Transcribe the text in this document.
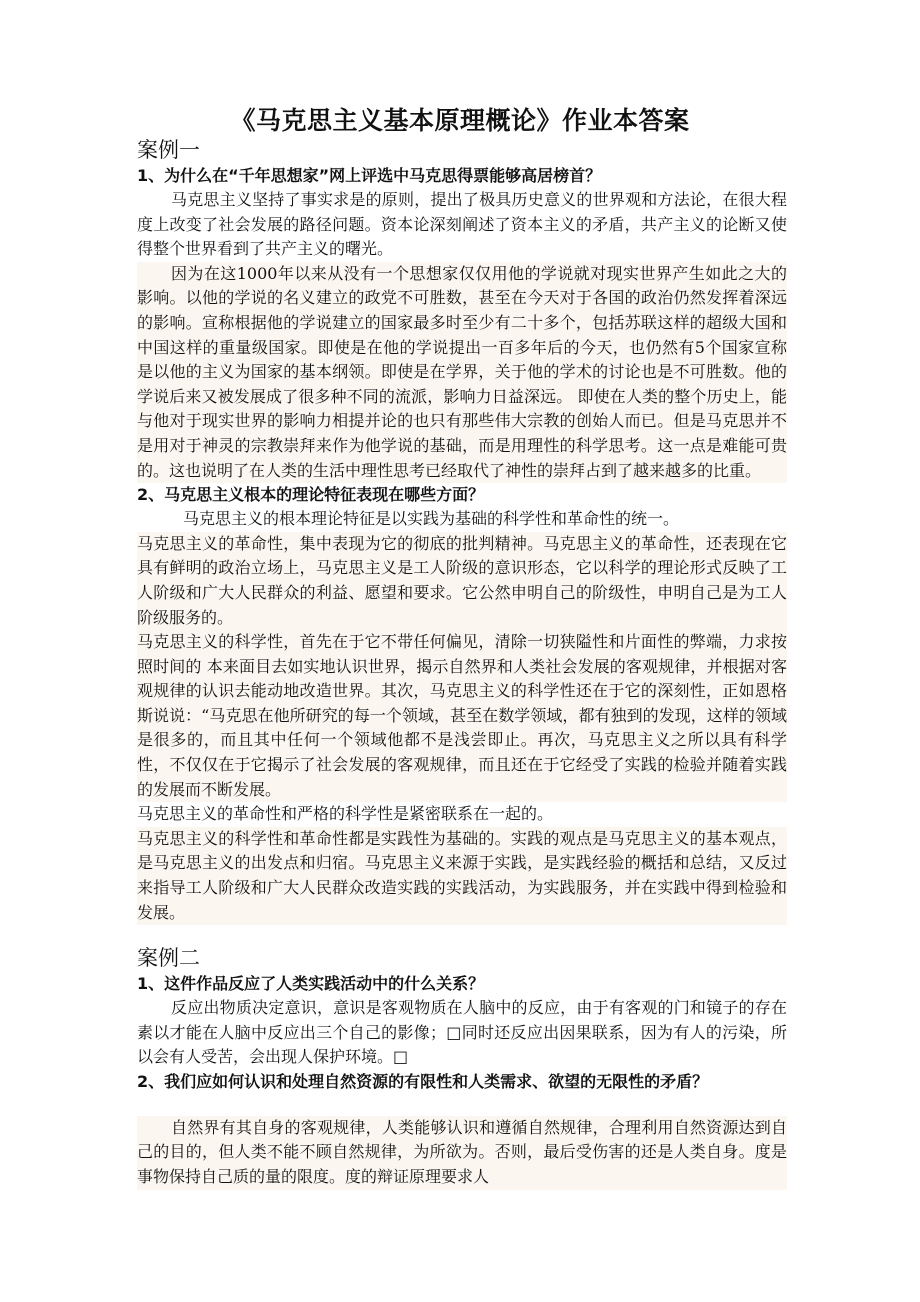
《马克思主义基本原理概论》作业本答案
案例一
1、为什么在“千年思想家”网上评选中马克思得票能够高居榜首？

马克思主义坚持了事实求是的原则，提出了极具历史意义的世界观和方法论，在很大程度上改变了社会发展的路径问题。资本论深刻阐述了资本主义的矛盾，共产主义的论断又使得整个世界看到了共产主义的曙光。

因为在这1000年以来从没有一个思想家仅仅用他的学说就对现实世界产生如此之大的影响。以他的学说的名义建立的政党不可胜数，甚至在今天对于各国的政治仍然发挥着深远的影响。宣称根据他的学说建立的国家最多时至少有二十多个，包括苏联这样的超级大国和中国这样的重量级国家。即使是在他的学说提出一百多年后的今天，也仍然有5个国家宣称是以他的主义为国家的基本纲领。即使是在学界，关于他的学术的讨论也是不可胜数。他的学说后来又被发展成了很多种不同的流派，影响力日益深远。 即使在人类的整个历史上，能与他对于现实世界的影响力相提并论的也只有那些伟大宗教的创始人而已。但是马克思并不是用对于神灵的宗教崇拜来作为他学说的基础，而是用理性的科学思考。这一点是难能可贵的。这也说明了在人类的生活中理性思考已经取代了神性的崇拜占到了越来越多的比重。

2、马克思主义根本的理论特征表现在哪些方面？

马克思主义的根本理论特征是以实践为基础的科学性和革命性的统一。

马克思主义的革命性，集中表现为它的彻底的批判精神。马克思主义的革命性，还表现在它具有鲜明的政治立场上，马克思主义是工人阶级的意识形态，它以科学的理论形式反映了工人阶级和广大人民群众的利益、愿望和要求。它公然申明自己的阶级性，申明自己是为工人阶级服务的。

马克思主义的科学性，首先在于它不带任何偏见，清除一切狭隘性和片面性的弊端，力求按照时间的 本来面目去如实地认识世界，揭示自然界和人类社会发展的客观规律，并根据对客观规律的认识去能动地改造世界。其次，马克思主义的科学性还在于它的深刻性，正如恩格斯说说：“马克思在他所研究的每一个领域，甚至在数学领域，都有独到的发现，这样的领域是很多的，而且其中任何一个领域他都不是浅尝即止。再次，马克思主义之所以具有科学性，不仅仅在于它揭示了社会发展的客观规律，而且还在于它经受了实践的检验并随着实践的发展而不断发展。

马克思主义的革命性和严格的科学性是紧密联系在一起的。

马克思主义的科学性和革命性都是实践性为基础的。实践的观点是马克思主义的基本观点，是马克思主义的出发点和归宿。马克思主义来源于实践，是实践经验的概括和总结，又反过来指导工人阶级和广大人民群众改造实践的实践活动，为实践服务，并在实践中得到检验和发展。

案例二
1、这件作品反应了人类实践活动中的什么关系？

反应出物质决定意识，意识是客观物质在人脑中的反应，由于有客观的门和镜子的存在素以才能在人脑中反应出三个自己的影像；□同时还反应出因果联系，因为有人的污染，所以会有人受苦，会出现人保护环境。□

2、我们应如何认识和处理自然资源的有限性和人类需求、欲望的无限性的矛盾？

自然界有其自身的客观规律，人类能够认识和遵循自然规律，合理利用自然资源达到自己的目的，但人类不能不顾自然规律，为所欲为。否则，最后受伤害的还是人类自身。度是事物保持自己质的量的限度。度的辩证原理要求人
